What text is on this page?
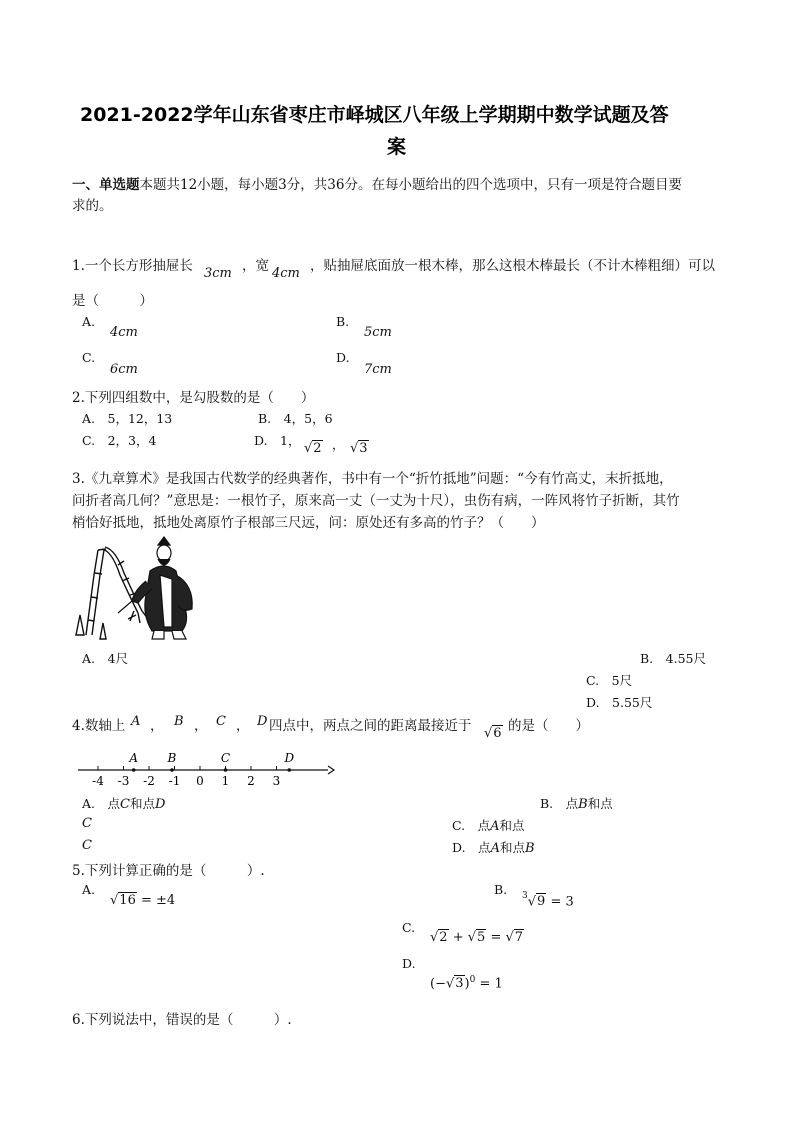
2021-2022学年山东省枣庄市峄城区八年级上学期期中数学试题及答
案
一、单选题本题共12小题，每小题3分，共36分。在每小题给出的四个选项中，只有一项是符合题目要
求的。
1.一个长方形抽屉长 3cm ，宽 4cm ，贴抽屉底面放一根木棒，那么这根木棒最长（不计木棒粗细）可以
是（　　　）
A.
4cm
B.
5cm
C.
6cm
D.
7cm
2.下列四组数中，是勾股数的是（　　）
A.　5，12，13	B.　4，5，6
C.　2，3，4	D.　1，
√2 ， √3
3.《九章算术》是我国古代数学的经典著作，书中有一个“折竹抵地”问题：“今有竹高丈，末折抵地，
问折者高几何？”意思是：一根竹子，原来高一丈（一丈为十尺），虫伤有病，一阵风将竹子折断，其竹
梢恰好抵地，抵地处离原竹子根部三尺远，问：原处还有多高的竹子？（　　）
A.　4尺	B.　4.55尺
C.　5尺
D.　5.55尺
4.数轴上 A ， B ， C ， D 四点中，两点之间的距离最接近于 √6 的是（　　）
-4 -3 -2 -1 0 1 2 3
A B	C	D
A.　点C和点D
C
B.　点B和点
C.　点A和点
C	D.　点A和点B
5.下列计算正确的是（　　　）.
A.
√16 = ±4
B. $^3$√9 = 3
C.
√2 + √5 = √7
D.
$(-√3)^0 = 1$
6.下列说法中，错误的是（　　　）.
